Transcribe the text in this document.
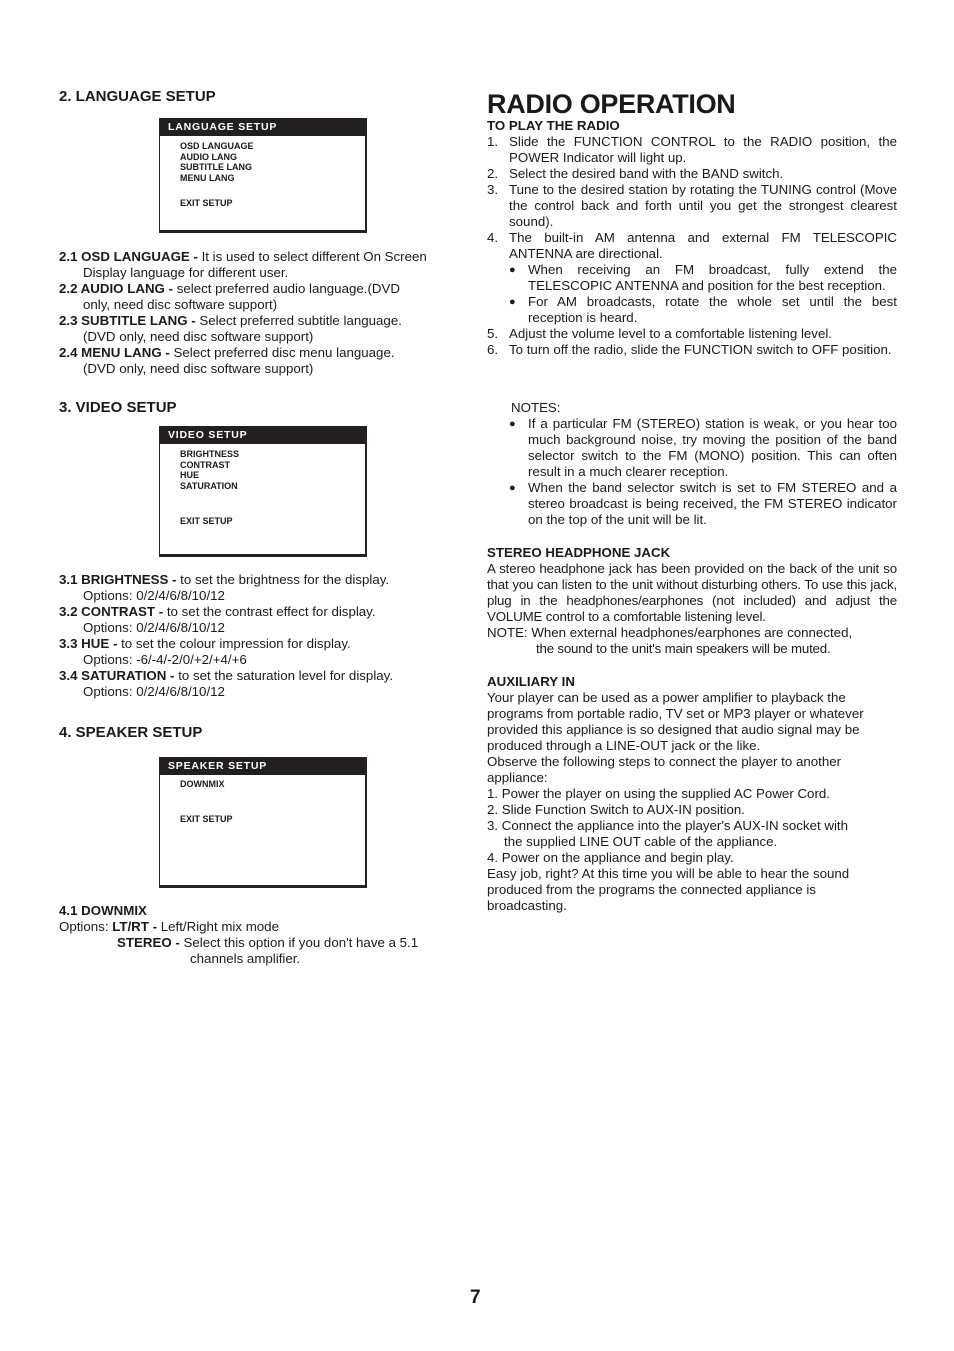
2. LANGUAGE SETUP
LANGUAGE SETUP
OSD LANGUAGE
AUDIO LANG
SUBTITLE LANG
MENU LANG
EXIT SETUP
2.1 OSD LANGUAGE - It is used to select different On Screen
Display language for different user.
2.2 AUDIO LANG - select preferred audio language.(DVD
only, need disc software support)
2.3 SUBTITLE LANG - Select preferred subtitle language.
(DVD only, need disc software support)
2.4 MENU LANG - Select preferred disc menu language.
(DVD only, need disc software support)
3. VIDEO SETUP
VIDEO SETUP
BRIGHTNESS
CONTRAST
HUE
SATURATION
EXIT SETUP
3.1 BRIGHTNESS - to set the brightness for the display.
Options: 0/2/4/6/8/10/12
3.2 CONTRAST - to set the contrast effect for display.
Options: 0/2/4/6/8/10/12
3.3 HUE - to set the colour impression for display.
Options: -6/-4/-2/0/+2/+4/+6
3.4 SATURATION - to set the saturation level for display.
Options: 0/2/4/6/8/10/12
4. SPEAKER SETUP
SPEAKER SETUP
DOWNMIX
EXIT SETUP
4.1 DOWNMIX
Options: LT/RT - Left/Right mix mode
STEREO - Select this option if you don't have a 5.1
channels amplifier.
RADIO OPERATION
TO PLAY THE RADIO
1. Slide the FUNCTION CONTROL to the RADIO position, the POWER Indicator will light up.
2. Select the desired band with the BAND switch.
3. Tune to the desired station by rotating the TUNING control (Move the control back and forth until you get the strongest clearest sound).
4. The built-in AM antenna and external FM TELESCOPIC ANTENNA are directional.
● When receiving an FM broadcast, fully extend the TELESCOPIC ANTENNA and position for the best reception.
● For AM broadcasts, rotate the whole set until the best reception is heard.
5. Adjust the volume level to a comfortable listening level.
6. To turn off the radio, slide the FUNCTION switch to OFF position.
NOTES:
● If a particular FM (STEREO) station is weak, or you hear too much background noise, try moving the position of the band selector switch to the FM (MONO) position. This can often result in a much clearer reception.
● When the band selector switch is set to FM STEREO and a stereo broadcast is being received, the FM STEREO indicator on the top of the unit will be lit.
STEREO HEADPHONE JACK
A stereo headphone jack has been provided on the back of the unit so that you can listen to the unit without disturbing others. To use this jack, plug in the headphones/earphones (not included) and adjust the VOLUME control to a comfortable listening level.
NOTE: When external headphones/earphones are connected,
the sound to the unit's main speakers will be muted.
AUXILIARY IN
Your player can be used as a power amplifier to playback the
programs from portable radio, TV set or MP3 player or whatever
provided this appliance is so designed that audio signal may be
produced through a LINE-OUT jack or the like.
Observe the following steps to connect the player to another
appliance:
1. Power the player on using the supplied AC Power Cord.
2. Slide Function Switch to AUX-IN position.
3. Connect the appliance into the player's AUX-IN socket with
the supplied LINE OUT cable of the appliance.
4. Power on the appliance and begin play.
Easy job, right? At this time you will be able to hear the sound
produced from the programs the connected appliance is
broadcasting.
7
